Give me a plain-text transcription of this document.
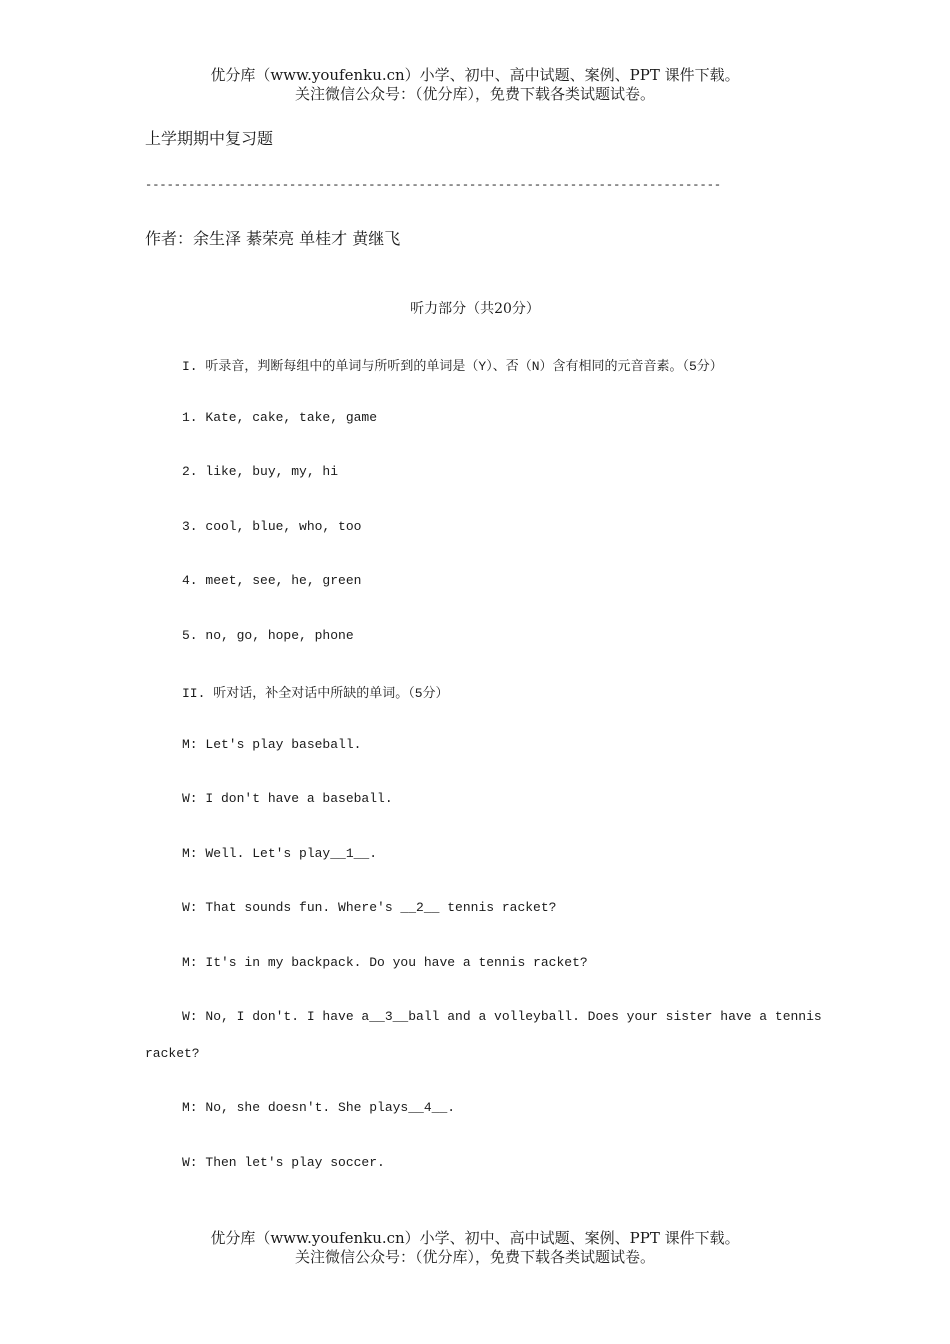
优分库（www.youfenku.cn）小学、初中、高中试题、案例、PPT 课件下载。
关注微信公众号：（优分库），免费下载各类试题试卷。
上学期期中复习题
--------------------------------------------------------------------------------
作者：余生泽 綦荣亮 单桂才 黄继飞
听力部分（共20分）
I. 听录音，判断每组中的单词与所听到的单词是（Y）、否（N）含有相同的元音音素。（5分）
1. Kate, cake, take, game
2. like, buy, my, hi
3. cool, blue, who, too
4. meet, see, he, green
5. no, go, hope, phone
II. 听对话，补全对话中所缺的单词。（5分）
M: Let's play baseball.
W: I don't have a baseball.
M: Well. Let's play__1__.
W: That sounds fun. Where's __2__ tennis racket?
M: It's in my backpack. Do you have a tennis racket?
W: No, I don't. I have a__3__ball and a volleyball. Does your sister have a tennis
racket?
M: No, she doesn't. She plays__4__.
W: Then let's play soccer.
优分库（www.youfenku.cn）小学、初中、高中试题、案例、PPT 课件下载。
关注微信公众号：（优分库），免费下载各类试题试卷。
